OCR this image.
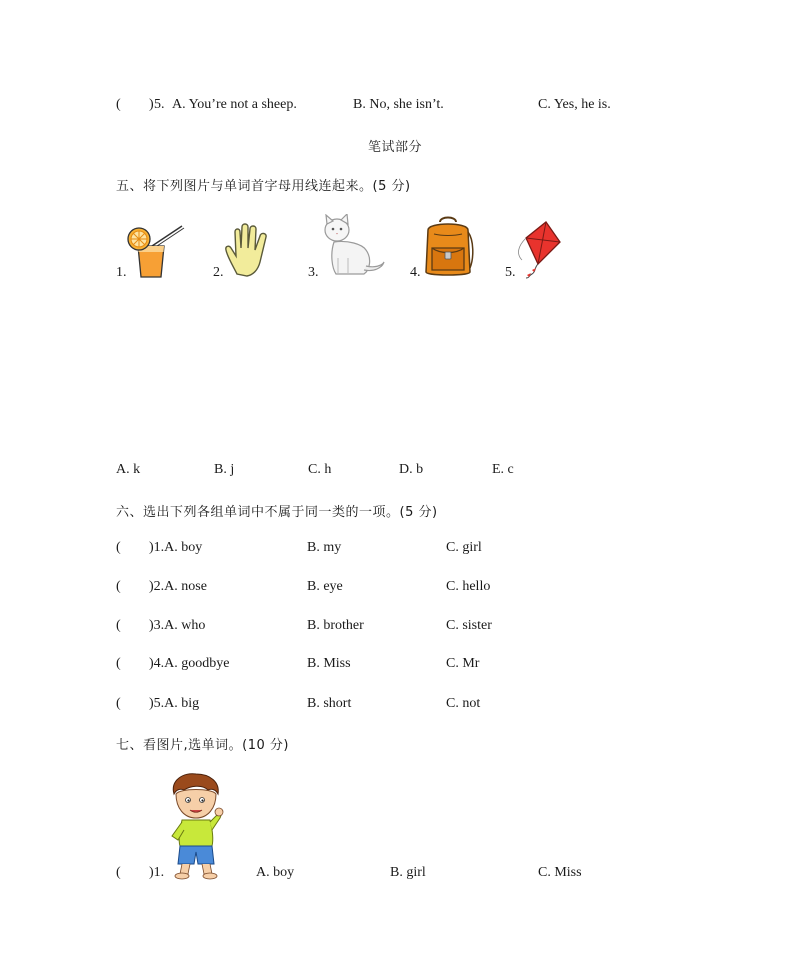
( ) 5. A. You’re not a sheep.	B. No, she isn’t.	C. Yes, he is.
笔试部分
五、将下列图片与单词首字母用线连起来。(5 分)
1.	2.	3.	4.	5.
A. k	B. j	C. h	D. b	E. c
六、选出下列各组单词中不属于同一类的一项。(5 分)
( )1.A. boy	B. my	C. girl
( )2.A. nose	B. eye	C. hello
( )3.A. who	B. brother	C. sister
( )4.A. goodbye	B. Miss	C. Mr
( )5.A. big	B. short	C. not
七、看图片,选单词。(10 分)
( )1.	A. boy	B. girl	C. Miss
